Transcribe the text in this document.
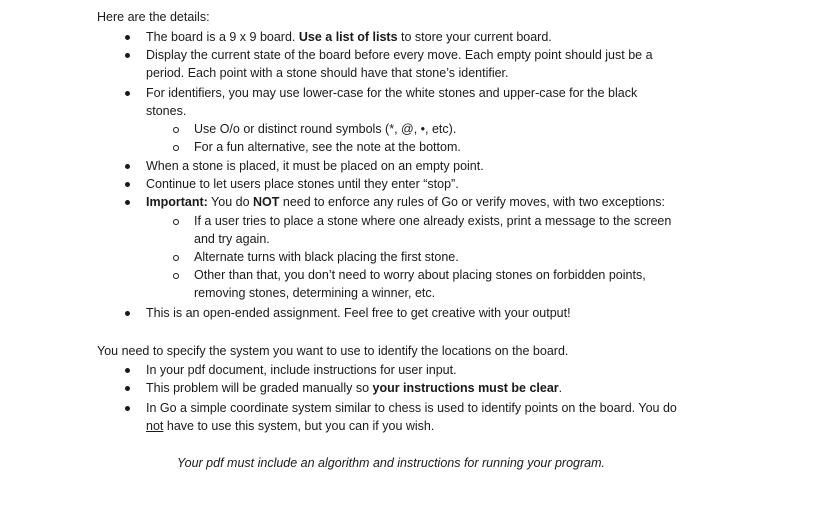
Here are the details:
The board is a 9 x 9 board. Use a list of lists to store your current board.
Display the current state of the board before every move. Each empty point should just be a
period. Each point with a stone should have that stone’s identifier.
For identifiers, you may use lower-case for the white stones and upper-case for the black
stones.
Use O/o or distinct round symbols (*, @, •, etc).
For a fun alternative, see the note at the bottom.
When a stone is placed, it must be placed on an empty point.
Continue to let users place stones until they enter “stop”.
Important: You do NOT need to enforce any rules of Go or verify moves, with two exceptions:
If a user tries to place a stone where one already exists, print a message to the screen
and try again.
Alternate turns with black placing the first stone.
Other than that, you don’t need to worry about placing stones on forbidden points,
removing stones, determining a winner, etc.
This is an open-ended assignment. Feel free to get creative with your output!
You need to specify the system you want to use to identify the locations on the board.
In your pdf document, include instructions for user input.
This problem will be graded manually so your instructions must be clear.
In Go a simple coordinate system similar to chess is used to identify points on the board. You do
not have to use this system, but you can if you wish.
Your pdf must include an algorithm and instructions for running your program.
